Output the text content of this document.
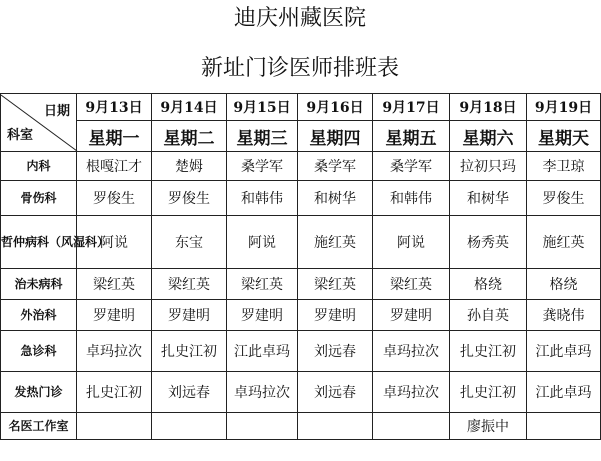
迪庆州藏医院
新址门诊医师排班表
日期
科室	9月13日	9月14日	9月15日	9月16日	9月17日	9月18日	9月19日
	星期一	星期二	星期三	星期四	星期五	星期六	星期天
内科	根嘎江才	楚姆	桑学军	桑学军	桑学军	拉初只玛	李卫琼
骨伤科	罗俊生	罗俊生	和韩伟	和树华	和韩伟	和树华	罗俊生
哲仲病科（风湿科）	阿说	东宝	阿说	施红英	阿说	杨秀英	施红英
治未病科	梁红英	梁红英	梁红英	梁红英	梁红英	格绕	格绕
外治科	罗建明	罗建明	罗建明	罗建明	罗建明	孙自英	龚晓伟
急诊科	卓玛拉次	扎史江初	江此卓玛	刘远春	卓玛拉次	扎史江初	江此卓玛
发热门诊	扎史江初	刘远春	卓玛拉次	刘远春	卓玛拉次	扎史江初	江此卓玛
名医工作室						廖振中	
